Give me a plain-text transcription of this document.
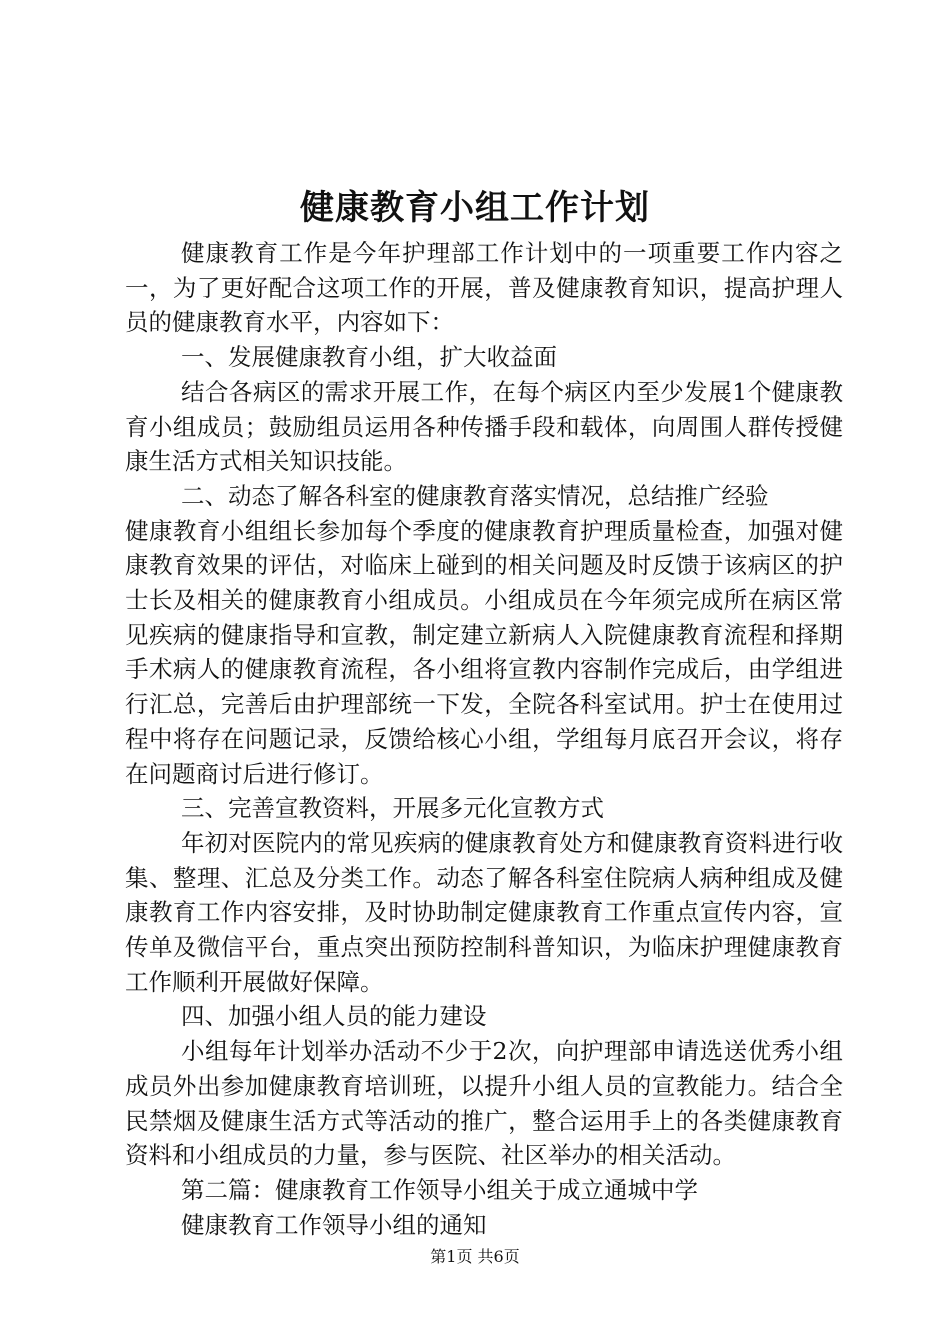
健康教育小组工作计划

健康教育工作是今年护理部工作计划中的一项重要工作内容之一，为了更好配合这项工作的开展，普及健康教育知识，提高护理人员的健康教育水平，内容如下：

一、发展健康教育小组，扩大收益面

结合各病区的需求开展工作，在每个病区内至少发展1个健康教育小组成员；鼓励组员运用各种传播手段和载体，向周围人群传授健康生活方式相关知识技能。

二、动态了解各科室的健康教育落实情况，总结推广经验

健康教育小组组长参加每个季度的健康教育护理质量检查，加强对健康教育效果的评估，对临床上碰到的相关问题及时反馈于该病区的护士长及相关的健康教育小组成员。小组成员在今年须完成所在病区常见疾病的健康指导和宣教，制定建立新病人入院健康教育流程和择期手术病人的健康教育流程，各小组将宣教内容制作完成后，由学组进行汇总，完善后由护理部统一下发，全院各科室试用。护士在使用过程中将存在问题记录，反馈给核心小组，学组每月底召开会议，将存在问题商讨后进行修订。

三、完善宣教资料，开展多元化宣教方式

年初对医院内的常见疾病的健康教育处方和健康教育资料进行收集、整理、汇总及分类工作。动态了解各科室住院病人病种组成及健康教育工作内容安排，及时协助制定健康教育工作重点宣传内容，宣传单及微信平台，重点突出预防控制科普知识，为临床护理健康教育工作顺利开展做好保障。

四、加强小组人员的能力建设

小组每年计划举办活动不少于2次，向护理部申请选送优秀小组成员外出参加健康教育培训班，以提升小组人员的宣教能力。结合全民禁烟及健康生活方式等活动的推广，整合运用手上的各类健康教育资料和小组成员的力量，参与医院、社区举办的相关活动。

第二篇：健康教育工作领导小组关于成立通城中学

健康教育工作领导小组的通知

第1页 共6页
